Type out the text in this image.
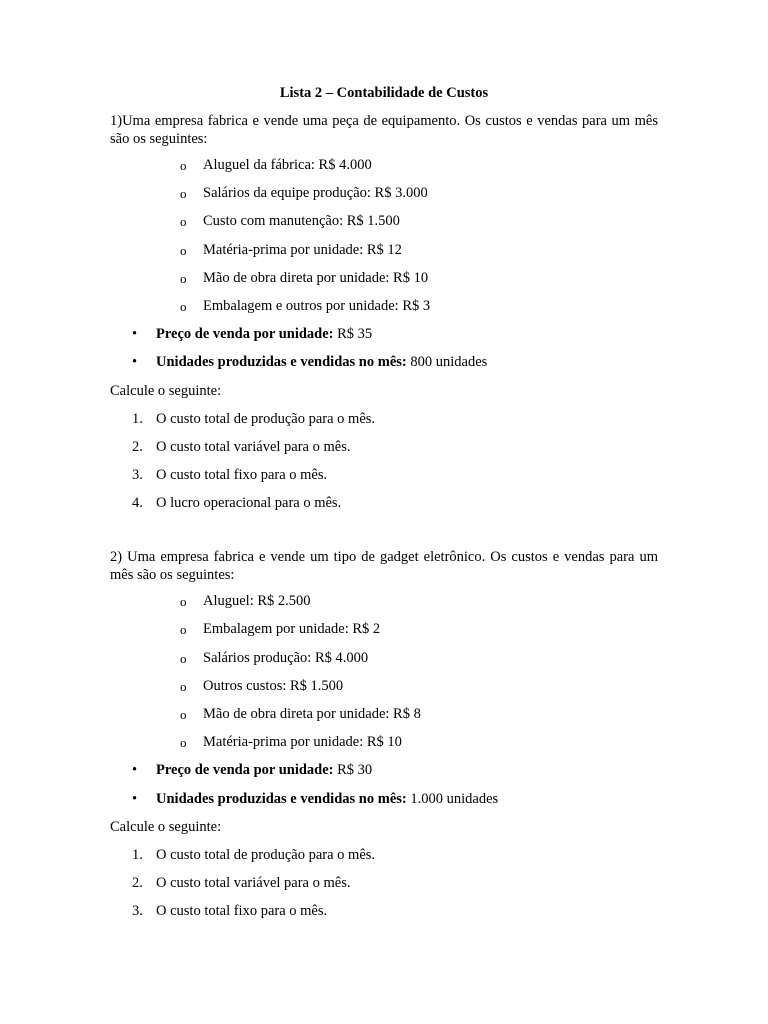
Lista 2 – Contabilidade de Custos

1)Uma empresa fabrica e vende uma peça de equipamento. Os custos e vendas para um mês são os seguintes:

o Aluguel da fábrica: R$ 4.000
o Salários da equipe produção: R$ 3.000
o Custo com manutenção: R$ 1.500
o Matéria-prima por unidade: R$ 12
o Mão de obra direta por unidade: R$ 10
o Embalagem e outros por unidade: R$ 3
• Preço de venda por unidade: R$ 35
• Unidades produzidas e vendidas no mês: 800 unidades

Calcule o seguinte:

1. O custo total de produção para o mês.
2. O custo total variável para o mês.
3. O custo total fixo para o mês.
4. O lucro operacional para o mês.

2) Uma empresa fabrica e vende um tipo de gadget eletrônico. Os custos e vendas para um mês são os seguintes:

o Aluguel: R$ 2.500
o Embalagem por unidade: R$ 2
o Salários produção: R$ 4.000
o Outros custos: R$ 1.500
o Mão de obra direta por unidade: R$ 8
o Matéria-prima por unidade: R$ 10
• Preço de venda por unidade: R$ 30
• Unidades produzidas e vendidas no mês: 1.000 unidades

Calcule o seguinte:

1. O custo total de produção para o mês.
2. O custo total variável para o mês.
3. O custo total fixo para o mês.
